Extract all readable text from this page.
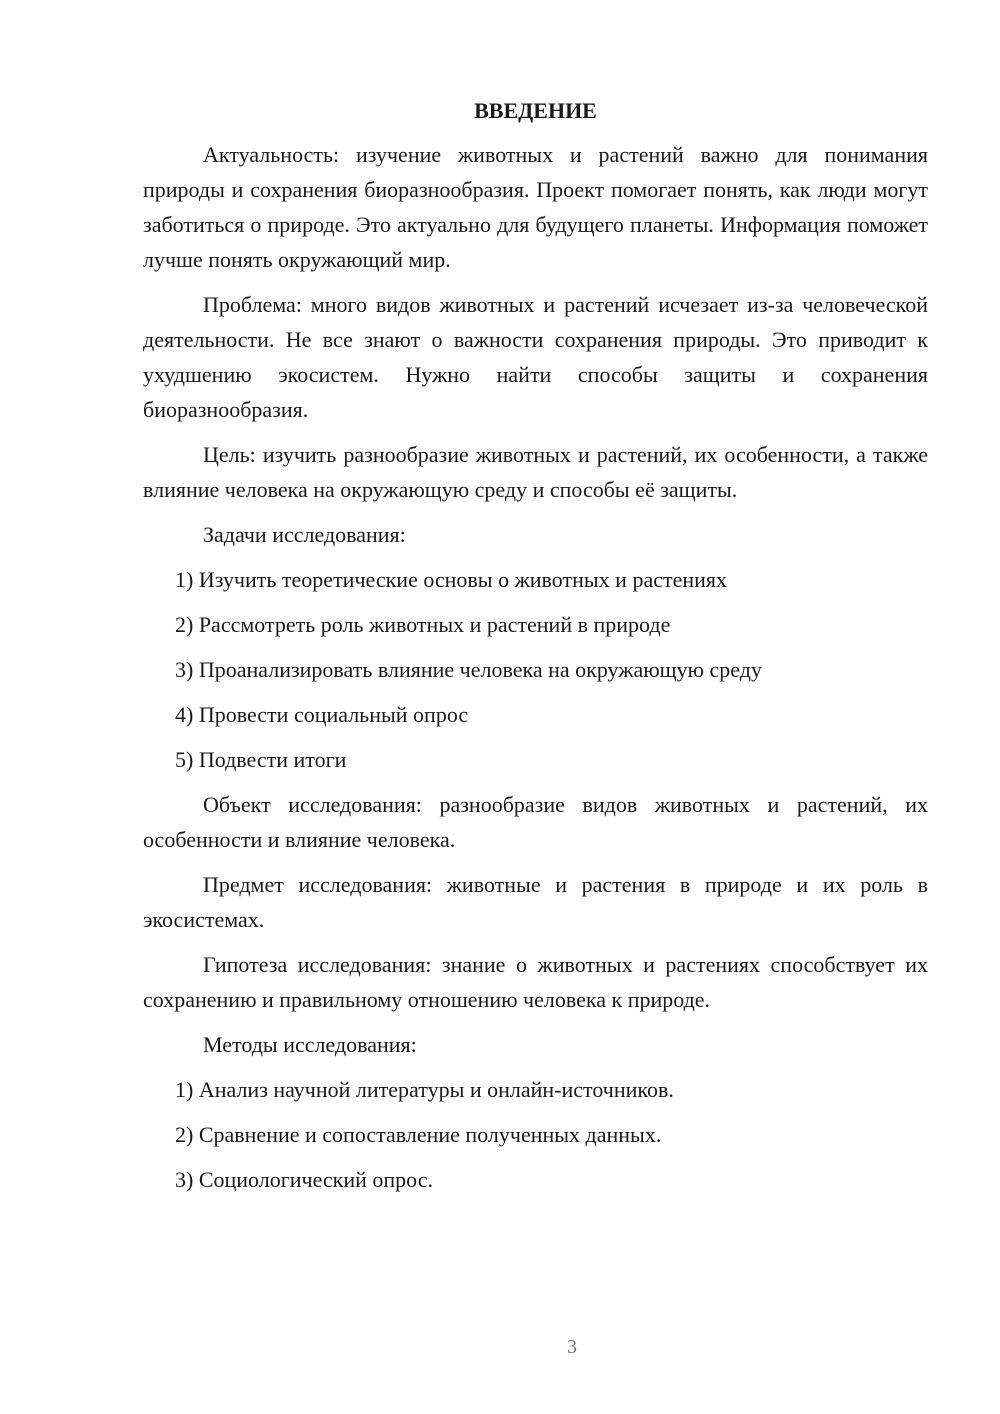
ВВЕДЕНИЕ

Актуальность: изучение животных и растений важно для понимания природы и сохранения биоразнообразия. Проект помогает понять, как люди могут заботиться о природе. Это актуально для будущего планеты. Информация поможет лучше понять окружающий мир.

Проблема: много видов животных и растений исчезает из-за человеческой деятельности. Не все знают о важности сохранения природы. Это приводит к ухудшению экосистем. Нужно найти способы защиты и сохранения биоразнообразия.

Цель: изучить разнообразие животных и растений, их особенности, а также влияние человека на окружающую среду и способы её защиты.

Задачи исследования:

1) Изучить теоретические основы о животных и растениях
2) Рассмотреть роль животных и растений в природе
3) Проанализировать влияние человека на окружающую среду
4) Провести социальный опрос
5) Подвести итоги

Объект исследования: разнообразие видов животных и растений, их особенности и влияние человека.

Предмет исследования: животные и растения в природе и их роль в экосистемах.

Гипотеза исследования: знание о животных и растениях способствует их сохранению и правильному отношению человека к природе.

Методы исследования:

1) Анализ научной литературы и онлайн-источников.
2) Сравнение и сопоставление полученных данных.
3) Социологический опрос.
3
